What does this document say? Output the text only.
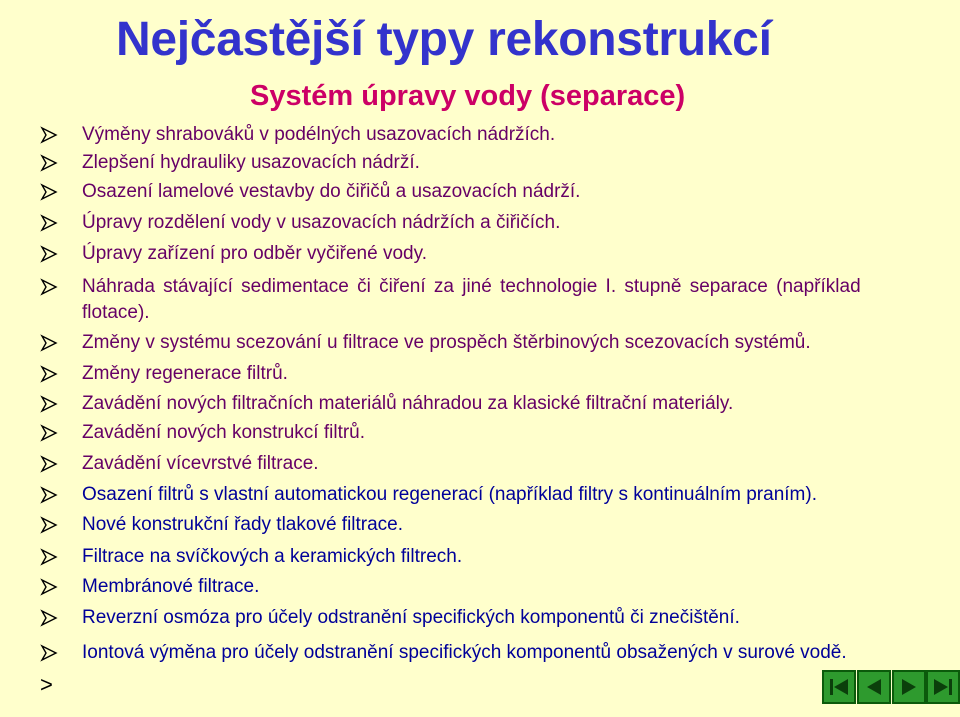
Nejčastější typy rekonstrukcí
Systém úpravy vody (separace)
Výměny shrabováků v podélných usazovacích nádržích.
Zlepšení hydrauliky usazovacích nádrží.
Osazení lamelové vestavby do čiřičů a usazovacích nádrží.
Úpravy rozdělení vody v usazovacích nádržích a čiřičích.
Úpravy zařízení pro odběr vyčiřené vody.
Náhrada stávající sedimentace či čiření za jiné technologie I. stupně separace (například flotace).
Změny v systému scezování u filtrace ve prospěch štěrbinových scezovacích systémů.
Změny regenerace filtrů.
Zavádění nových filtračních materiálů náhradou za klasické filtrační materiály.
Zavádění nových konstrukcí filtrů.
Zavádění vícevrstvé filtrace.
Osazení filtrů s vlastní automatickou regenerací (například filtry s kontinuálním praním).
Nové konstrukční řady tlakové filtrace.
Filtrace na svíčkových a keramických filtrech.
Membránové filtrace.
Reverzní osmóza pro účely odstranění specifických komponentů či znečištění.
Iontová výměna pro účely odstranění specifických komponentů obsažených v surové vodě.
>
